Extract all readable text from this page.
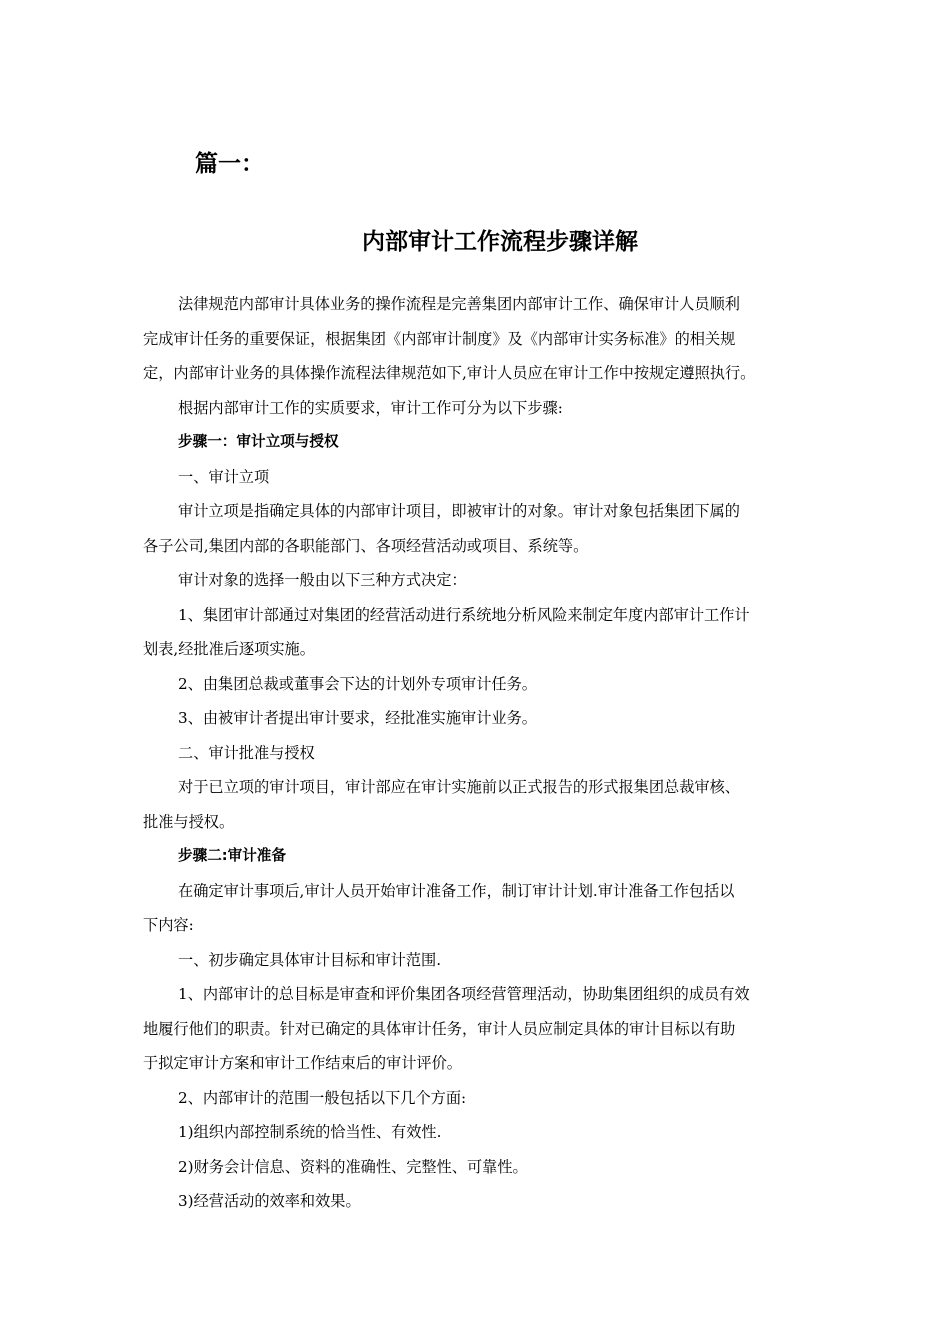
篇一：
内部审计工作流程步骤详解

法律规范内部审计具体业务的操作流程是完善集团内部审计工作、确保审计人员顺利

完成审计任务的重要保证，根据集团《内部审计制度》及《内部审计实务标准》的相关规

定，内部审计业务的具体操作流程法律规范如下,审计人员应在审计工作中按规定遵照执行。

根据内部审计工作的实质要求，审计工作可分为以下步骤:

步骤一：审计立项与授权

一、审计立项

审计立项是指确定具体的内部审计项目，即被审计的对象。审计对象包括集团下属的

各子公司,集团内部的各职能部门、各项经营活动或项目、系统等。

审计对象的选择一般由以下三种方式决定：

1、集团审计部通过对集团的经营活动进行系统地分析风险来制定年度内部审计工作计

划表,经批准后逐项实施。

2、由集团总裁或董事会下达的计划外专项审计任务。

3、由被审计者提出审计要求，经批准实施审计业务。

二、审计批准与授权

对于已立项的审计项目，审计部应在审计实施前以正式报告的形式报集团总裁审核、

批准与授权。

步骤二:审计准备

在确定审计事项后,审计人员开始审计准备工作，制订审计计划.审计准备工作包括以

下内容:

一、初步确定具体审计目标和审计范围.

1、内部审计的总目标是审查和评价集团各项经营管理活动，协助集团组织的成员有效

地履行他们的职责。针对已确定的具体审计任务，审计人员应制定具体的审计目标以有助

于拟定审计方案和审计工作结束后的审计评价。

2、内部审计的范围一般包括以下几个方面:

1)组织内部控制系统的恰当性、有效性.

2)财务会计信息、资料的准确性、完整性、可靠性。

3)经营活动的效率和效果。
